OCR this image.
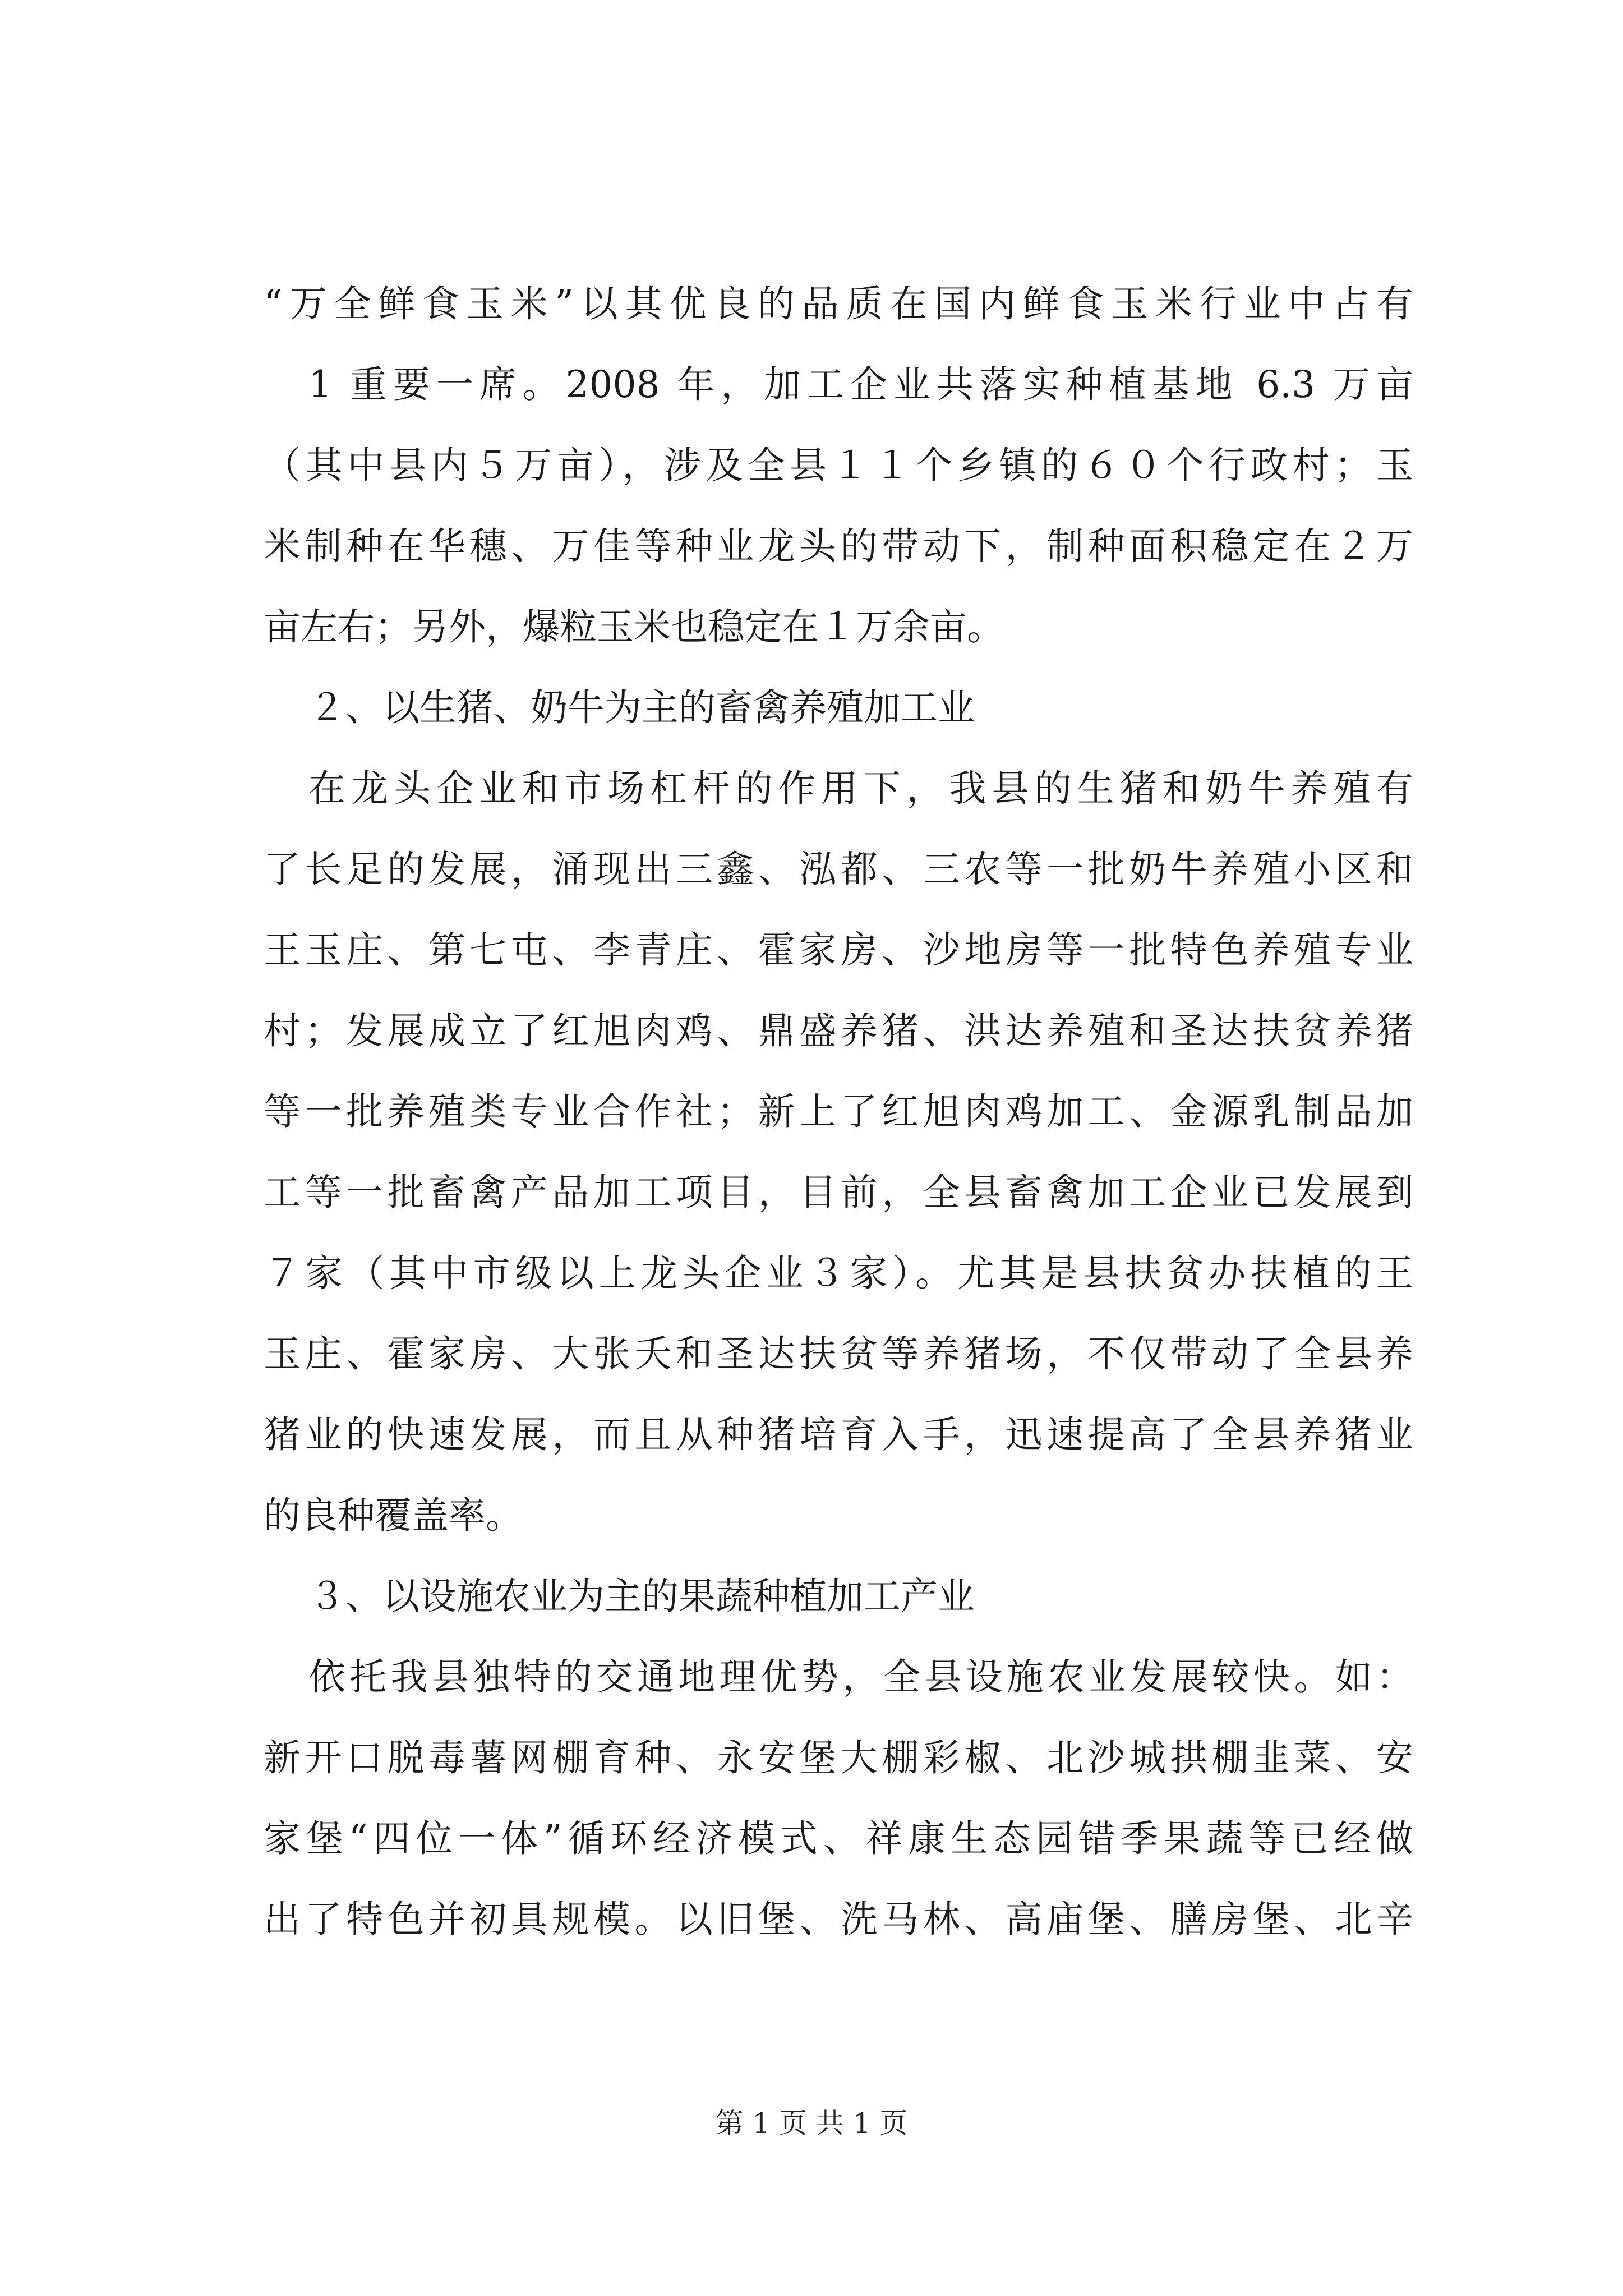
“万全鲜食玉米”以其优良的品质在国内鲜食玉米行业中占有
1 重要一席。2008 年，加工企业共落实种植基地 6.3 万亩
（其中县内５万亩），涉及全县１１个乡镇的６０个行政村；玉
米制种在华穗、万佳等种业龙头的带动下，制种面积稳定在２万
亩左右；另外，爆粒玉米也稳定在１万余亩。
２、以生猪、奶牛为主的畜禽养殖加工业
在龙头企业和市场杠杆的作用下，我县的生猪和奶牛养殖有
了长足的发展，涌现出三鑫、泓都、三农等一批奶牛养殖小区和
王玉庄、第七屯、李青庄、霍家房、沙地房等一批特色养殖专业
村；发展成立了红旭肉鸡、鼎盛养猪、洪达养殖和圣达扶贫养猪
等一批养殖类专业合作社；新上了红旭肉鸡加工、金源乳制品加
工等一批畜禽产品加工项目，目前，全县畜禽加工企业已发展到
７家（其中市级以上龙头企业３家）。尤其是县扶贫办扶植的王
玉庄、霍家房、大张夭和圣达扶贫等养猪场，不仅带动了全县养
猪业的快速发展，而且从种猪培育入手，迅速提高了全县养猪业
的良种覆盖率。
３、以设施农业为主的果蔬种植加工产业
依托我县独特的交通地理优势，全县设施农业发展较快。如：
新开口脱毒薯网棚育种、永安堡大棚彩椒、北沙城拱棚韭菜、安
家堡“四位一体”循环经济模式、祥康生态园错季果蔬等已经做
出了特色并初具规模。以旧堡、洗马林、高庙堡、膳房堡、北辛
第 1 页 共 1 页
